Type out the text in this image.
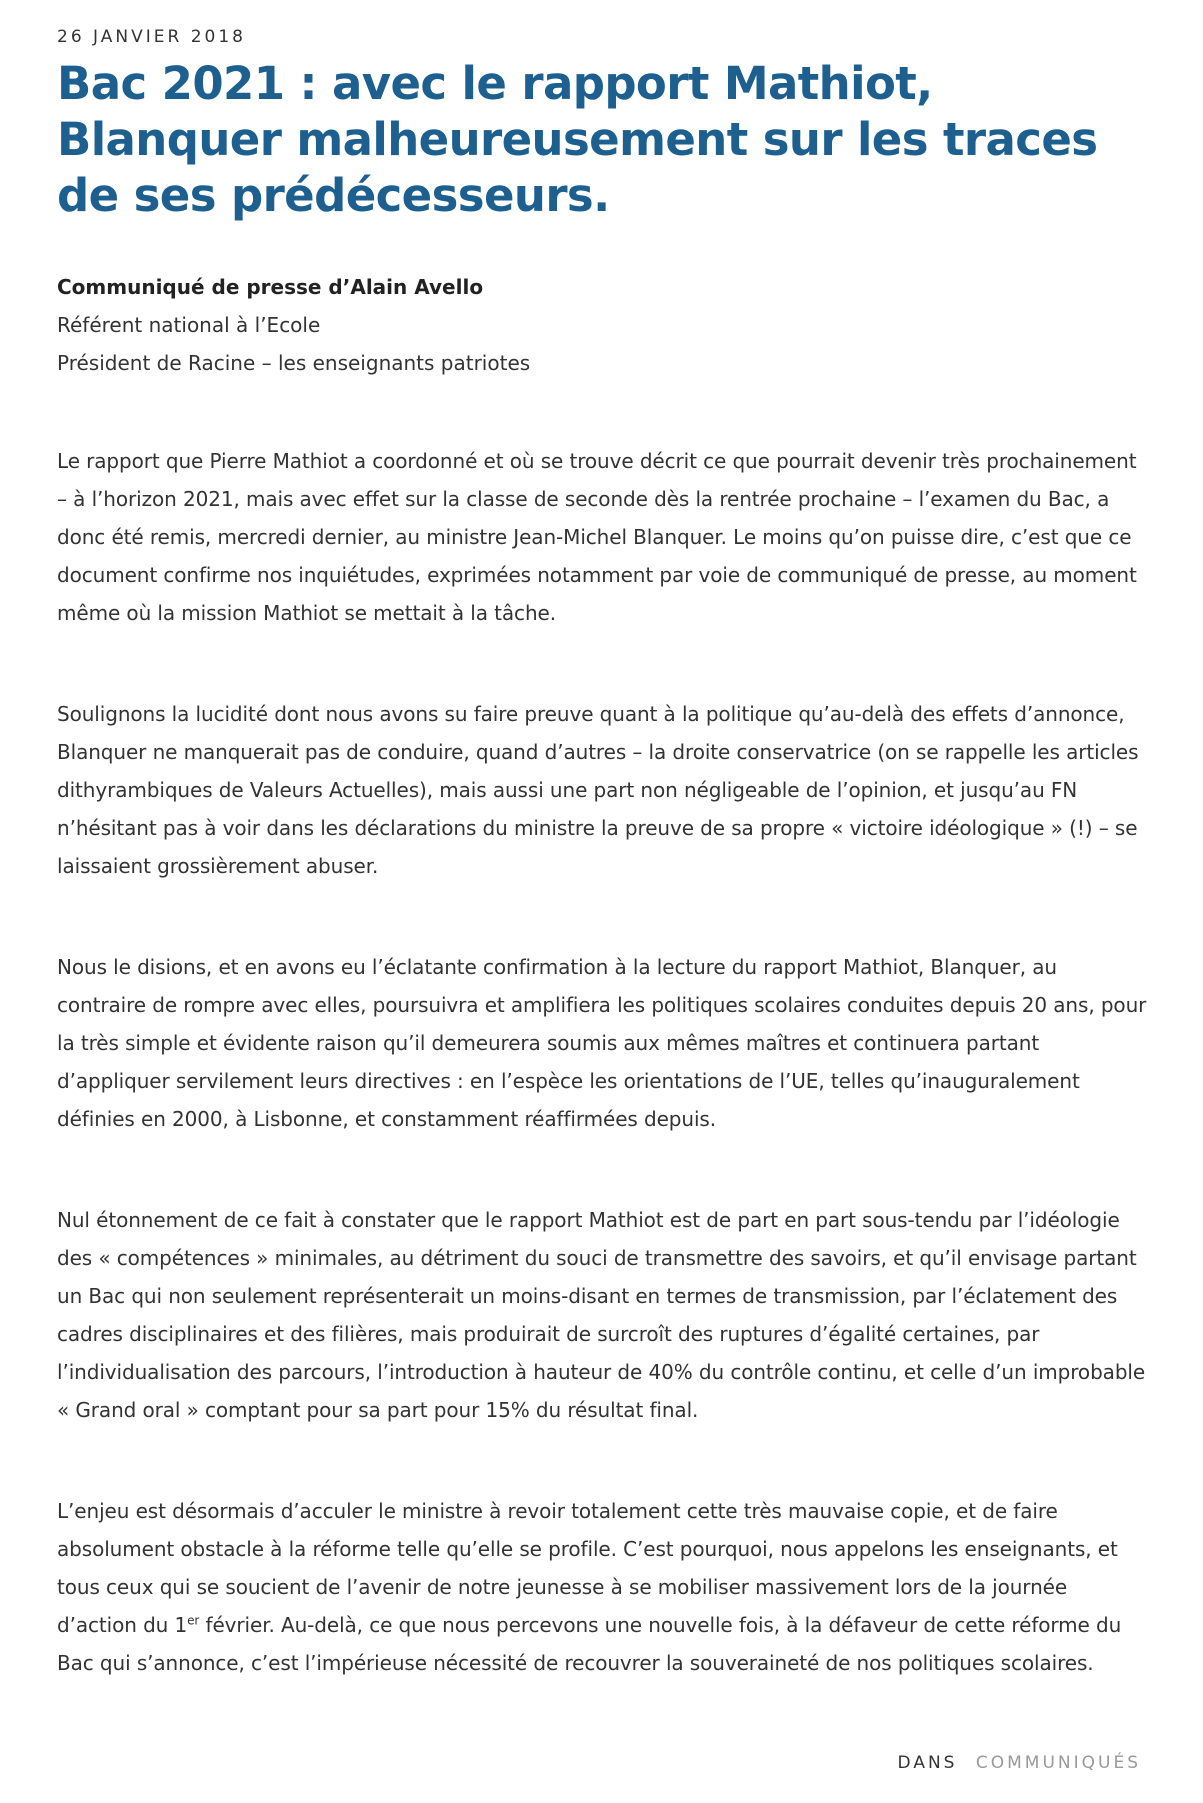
26 JANVIER 2018
Bac 2021 : avec le rapport Mathiot, Blanquer malheureusement sur les traces de ses prédécesseurs.
Communiqué de presse d’Alain Avello
Référent national à l’Ecole
Président de Racine – les enseignants patriotes

Le rapport que Pierre Mathiot a coordonné et où se trouve décrit ce que pourrait devenir très prochainement – à l’horizon 2021, mais avec effet sur la classe de seconde dès la rentrée prochaine – l’examen du Bac, a donc été remis, mercredi dernier, au ministre Jean-Michel Blanquer. Le moins qu’on puisse dire, c’est que ce document confirme nos inquiétudes, exprimées notamment par voie de communiqué de presse, au moment même où la mission Mathiot se mettait à la tâche.

Soulignons la lucidité dont nous avons su faire preuve quant à la politique qu’au-delà des effets d’annonce, Blanquer ne manquerait pas de conduire, quand d’autres – la droite conservatrice (on se rappelle les articles dithyrambiques de Valeurs Actuelles), mais aussi une part non négligeable de l’opinion, et jusqu’au FN n’hésitant pas à voir dans les déclarations du ministre la preuve de sa propre « victoire idéologique » (!) – se laissaient grossièrement abuser.

Nous le disions, et en avons eu l’éclatante confirmation à la lecture du rapport Mathiot, Blanquer, au contraire de rompre avec elles, poursuivra et amplifiera les politiques scolaires conduites depuis 20 ans, pour la très simple et évidente raison qu’il demeurera soumis aux mêmes maîtres et continuera partant d’appliquer servilement leurs directives : en l’espèce les orientations de l’UE, telles qu’inauguralement définies en 2000, à Lisbonne, et constamment réaffirmées depuis.

Nul étonnement de ce fait à constater que le rapport Mathiot est de part en part sous-tendu par l’idéologie des « compétences » minimales, au détriment du souci de transmettre des savoirs, et qu’il envisage partant un Bac qui non seulement représenterait un moins-disant en termes de transmission, par l’éclatement des cadres disciplinaires et des filières, mais produirait de surcroît des ruptures d’égalité certaines, par l’individualisation des parcours, l’introduction à hauteur de 40% du contrôle continu, et celle d’un improbable « Grand oral » comptant pour sa part pour 15% du résultat final.

L’enjeu est désormais d’acculer le ministre à revoir totalement cette très mauvaise copie, et de faire absolument obstacle à la réforme telle qu’elle se profile. C’est pourquoi, nous appelons les enseignants, et tous ceux qui se soucient de l’avenir de notre jeunesse à se mobiliser massivement lors de la journée d’action du 1er février. Au-delà, ce que nous percevons une nouvelle fois, à la défaveur de cette réforme du Bac qui s’annonce, c’est l’impérieuse nécessité de recouvrer la souveraineté de nos politiques scolaires.

DANS COMMUNIQUÉS
